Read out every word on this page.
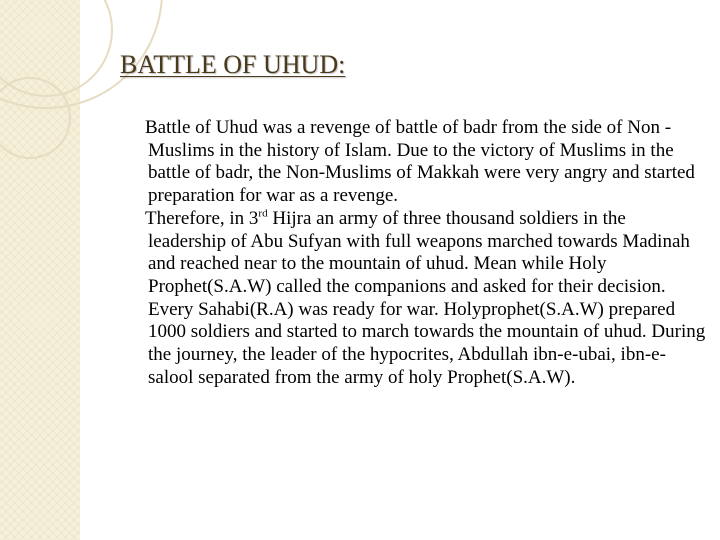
BATTLE OF UHUD:

Battle of Uhud was a revenge of battle of badr from the side of Non -Muslims in the history of Islam. Due to the victory of Muslims in the battle of badr, the Non-Muslims of Makkah were very angry and started preparation for war as a revenge.

Therefore, in 3rd Hijra an army of three thousand soldiers in the leadership of Abu Sufyan with full weapons marched towards Madinah and reached near to the mountain of uhud. Mean while Holy Prophet(S.A.W) called the companions and asked for their decision. Every Sahabi(R.A) was ready for war. Holyprophet(S.A.W) prepared 1000 soldiers and started to march towards the mountain of uhud. During the journey, the leader of the hypocrites, Abdullah ibn-e-ubai, ibn-e-salool separated from the army of holy Prophet(S.A.W).
